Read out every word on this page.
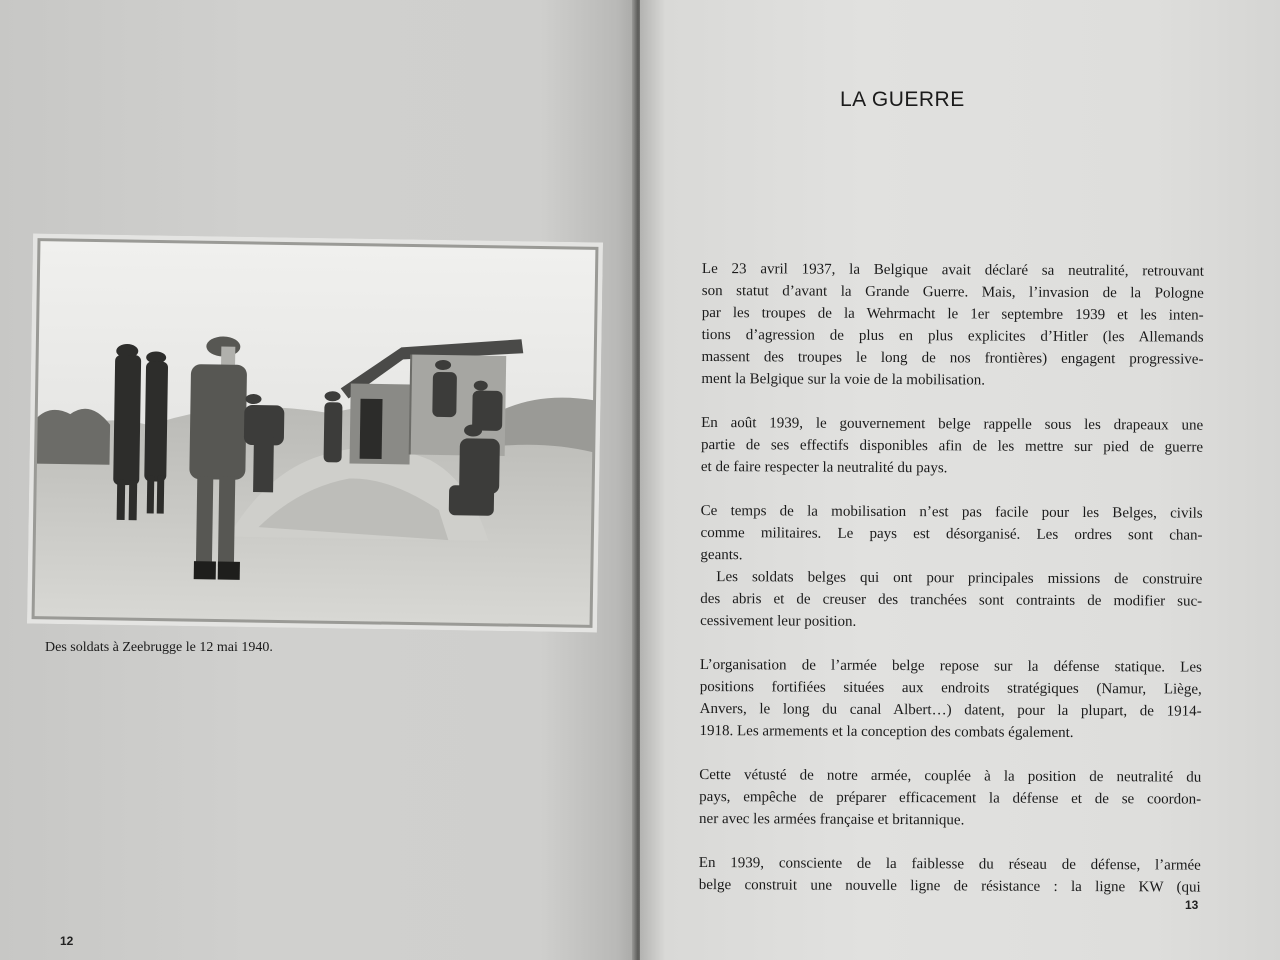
Des soldats à Zeebrugge le 12 mai 1940.
12
LA GUERRE

Le 23 avril 1937, la Belgique avait déclaré sa neutralité, retrouvant
son statut d’avant la Grande Guerre. Mais, l’invasion de la Pologne
par les troupes de la Wehrmacht le 1er septembre 1939 et les inten-
tions d’agression de plus en plus explicites d’Hitler (les Allemands
massent des troupes le long de nos frontières) engagent progressive-
ment la Belgique sur la voie de la mobilisation.

En août 1939, le gouvernement belge rappelle sous les drapeaux une
partie de ses effectifs disponibles afin de les mettre sur pied de guerre
et de faire respecter la neutralité du pays.

Ce temps de la mobilisation n’est pas facile pour les Belges, civils
comme militaires. Le pays est désorganisé. Les ordres sont chan-
geants.

Les soldats belges qui ont pour principales missions de construire
des abris et de creuser des tranchées sont contraints de modifier suc-
cessivement leur position.

L’organisation de l’armée belge repose sur la défense statique. Les
positions fortifiées situées aux endroits stratégiques (Namur, Liège,
Anvers, le long du canal Albert…) datent, pour la plupart, de 1914-
1918. Les armements et la conception des combats également.

Cette vétusté de notre armée, couplée à la position de neutralité du
pays, empêche de préparer efficacement la défense et de se coordon-
ner avec les armées française et britannique.

En 1939, consciente de la faiblesse du réseau de défense, l’armée
belge construit une nouvelle ligne de résistance : la ligne KW (qui

13
